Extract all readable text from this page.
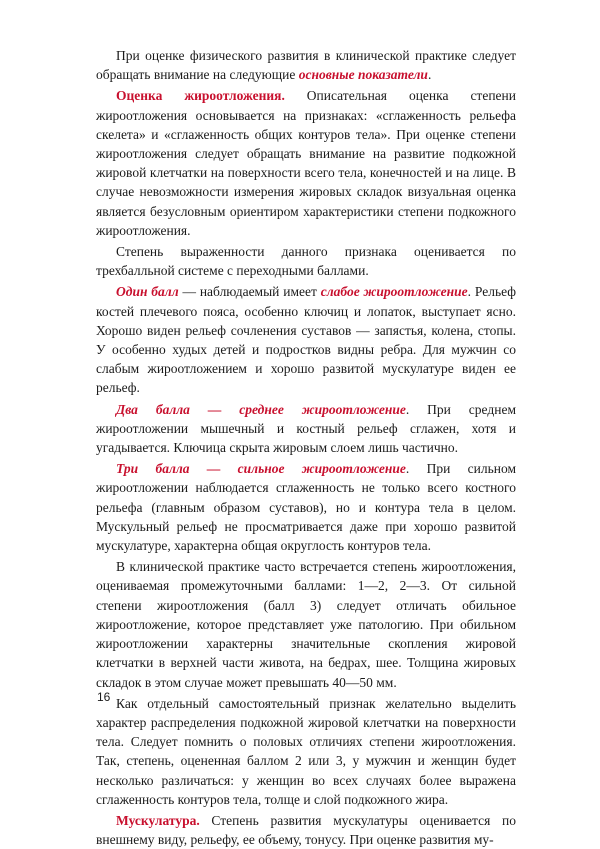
При оценке физического развития в клинической практике следует обращать внимание на следующие основные показатели.

Оценка жироотложения. Описательная оценка степени жироотложения основывается на признаках: «сглаженность рельефа скелета» и «сглаженность общих контуров тела». При оценке степени жироотложения следует обращать внимание на развитие подкожной жировой клетчатки на поверхности всего тела, конечностей и на лице. В случае невозможности измерения жировых складок визуальная оценка является безусловным ориентиром характеристики степени подкожного жироотложения.

Степень выраженности данного признака оценивается по трехбалльной системе с переходными баллами.

Один балл — наблюдаемый имеет слабое жироотложение. Рельеф костей плечевого пояса, особенно ключиц и лопаток, выступает ясно. Хорошо виден рельеф сочленения суставов — запястья, колена, стопы. У особенно худых детей и подростков видны ребра. Для мужчин со слабым жироотложением и хорошо развитой мускулатуре виден ее рельеф.

Два балла — среднее жироотложение. При среднем жироотложении мышечный и костный рельеф сглажен, хотя и угадывается. Ключица скрыта жировым слоем лишь частично.

Три балла — сильное жироотложение. При сильном жироотложении наблюдается сглаженность не только всего костного рельефа (главным образом суставов), но и контура тела в целом. Мускульный рельеф не просматривается даже при хорошо развитой мускулатуре, характерна общая округлость контуров тела.

В клинической практике часто встречается степень жироотложения, оцениваемая промежуточными баллами: 1—2, 2—3. От сильной степени жироотложения (балл 3) следует отличать обильное жироотложение, которое представляет уже патологию. При обильном жироотложении характерны значительные скопления жировой клетчатки в верхней части живота, на бедрах, шее. Толщина жировых складок в этом случае может превышать 40—50 мм.

Как отдельный самостоятельный признак желательно выделить характер распределения подкожной жировой клетчатки на поверхности тела. Следует помнить о половых отличиях степени жироотложения. Так, степень, оцененная баллом 2 или 3, у мужчин и женщин будет несколько различаться: у женщин во всех случаях более выражена сглаженность контуров тела, толще и слой подкожного жира.

Мускулатура. Степень развития мускулатуры оценивается по внешнему виду, рельефу, ее объему, тонусу. При оценке развития му-

16
